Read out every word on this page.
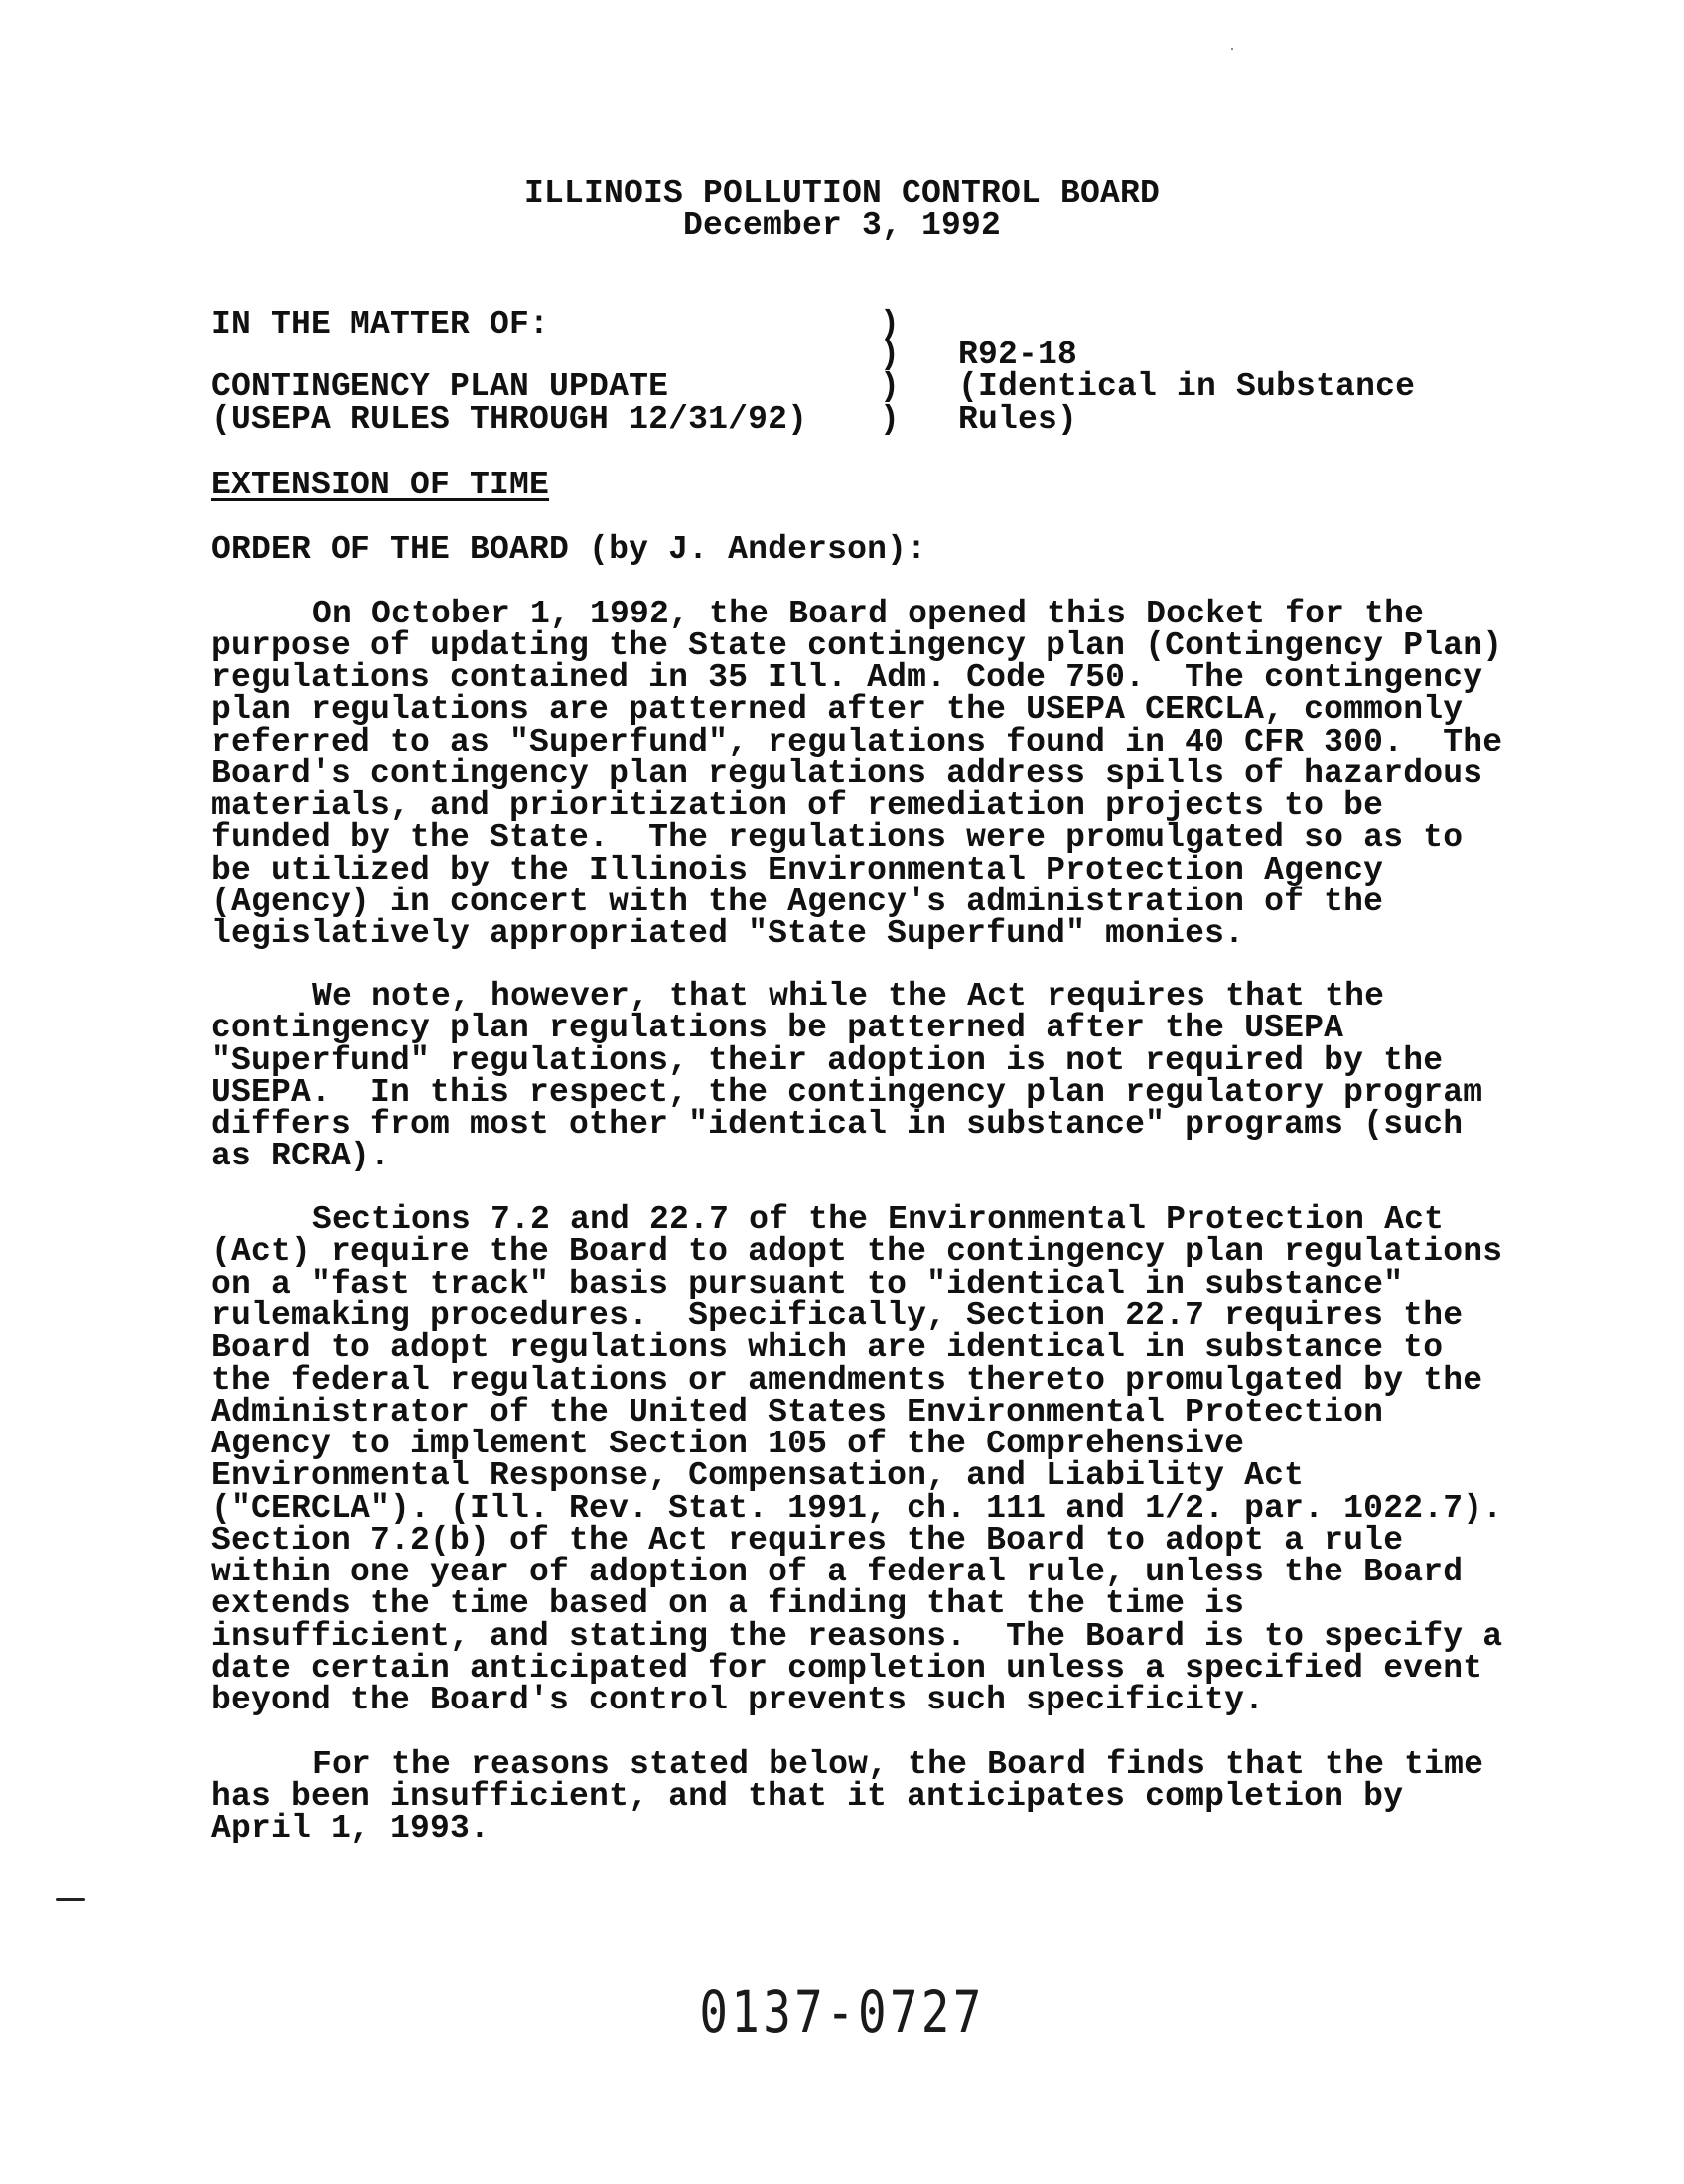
ILLINOIS POLLUTION CONTROL BOARD
December 3, 1992
IN THE MATTER OF:
CONTINGENCY PLAN UPDATE
(USEPA RULES THROUGH 12/31/92)
)
)
)
)
R92-18
(Identical in Substance
Rules)
EXTENSION OF TIME
ORDER OF THE BOARD (by J. Anderson):
On October 1, 1992, the Board opened this Docket for the
purpose of updating the State contingency plan (Contingency Plan)
regulations contained in 35 Ill. Adm. Code 750.  The contingency
plan regulations are patterned after the USEPA CERCLA, commonly
referred to as "Superfund", regulations found in 40 CFR 300.  The
Board's contingency plan regulations address spills of hazardous
materials, and prioritization of remediation projects to be
funded by the State.  The regulations were promulgated so as to
be utilized by the Illinois Environmental Protection Agency
(Agency) in concert with the Agency's administration of the
legislatively appropriated "State Superfund" monies.
We note, however, that while the Act requires that the
contingency plan regulations be patterned after the USEPA
"Superfund" regulations, their adoption is not required by the
USEPA.  In this respect, the contingency plan regulatory program
differs from most other "identical in substance" programs (such
as RCRA).
Sections 7.2 and 22.7 of the Environmental Protection Act
(Act) require the Board to adopt the contingency plan regulations
on a "fast track" basis pursuant to "identical in substance"
rulemaking procedures.  Specifically, Section 22.7 requires the
Board to adopt regulations which are identical in substance to
the federal regulations or amendments thereto promulgated by the
Administrator of the United States Environmental Protection
Agency to implement Section 105 of the Comprehensive
Environmental Response, Compensation, and Liability Act
("CERCLA"). (Ill. Rev. Stat. 1991, ch. 111 and 1/2. par. 1022.7).
Section 7.2(b) of the Act requires the Board to adopt a rule
within one year of adoption of a federal rule, unless the Board
extends the time based on a finding that the time is
insufficient, and stating the reasons.  The Board is to specify a
date certain anticipated for completion unless a specified event
beyond the Board's control prevents such specificity.
For the reasons stated below, the Board finds that the time
has been insufficient, and that it anticipates completion by
April 1, 1993.
0137-0727
